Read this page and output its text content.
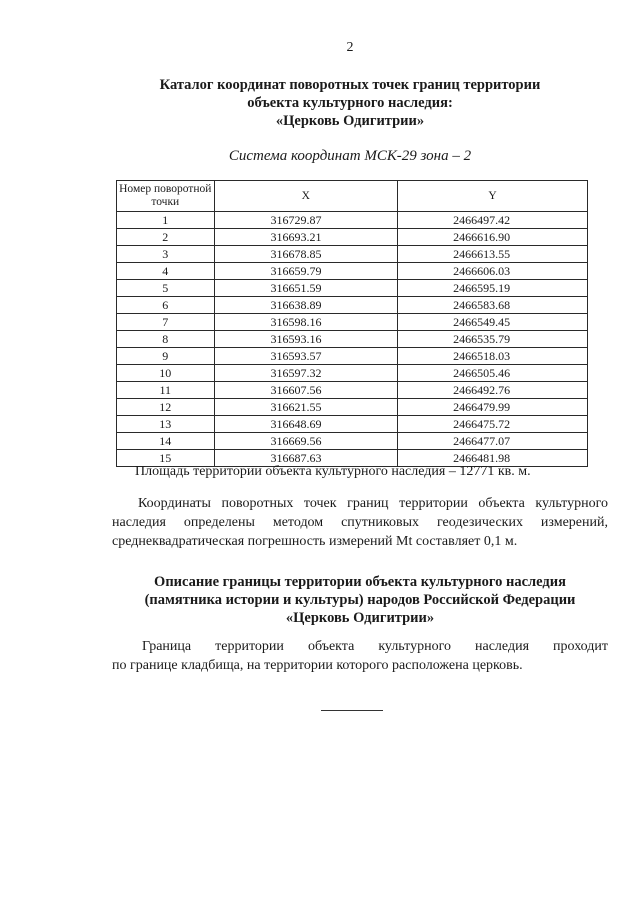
2
Каталог координат поворотных точек границ территории
объекта культурного наследия:
«Церковь Одигитрии»
Система координат МСК-29 зона – 2
Номер поворотной точки	X	Y
1	316729.87	2466497.42
2	316693.21	2466616.90
3	316678.85	2466613.55
4	316659.79	2466606.03
5	316651.59	2466595.19
6	316638.89	2466583.68
7	316598.16	2466549.45
8	316593.16	2466535.79
9	316593.57	2466518.03
10	316597.32	2466505.46
11	316607.56	2466492.76
12	316621.55	2466479.99
13	316648.69	2466475.72
14	316669.56	2466477.07
15	316687.63	2466481.98
Площадь территории объекта культурного наследия – 12771 кв. м.
Координаты поворотных точек границ территории объекта культурного
наследия определены методом спутниковых геодезических измерений,
среднеквадратическая погрешность измерений Mt составляет 0,1 м.
Описание границы территории объекта культурного наследия
(памятника истории и культуры) народов Российской Федерации
«Церковь Одигитрии»
Граница территории объекта культурного наследия проходит
по границе кладбища, на территории которого расположена церковь.
